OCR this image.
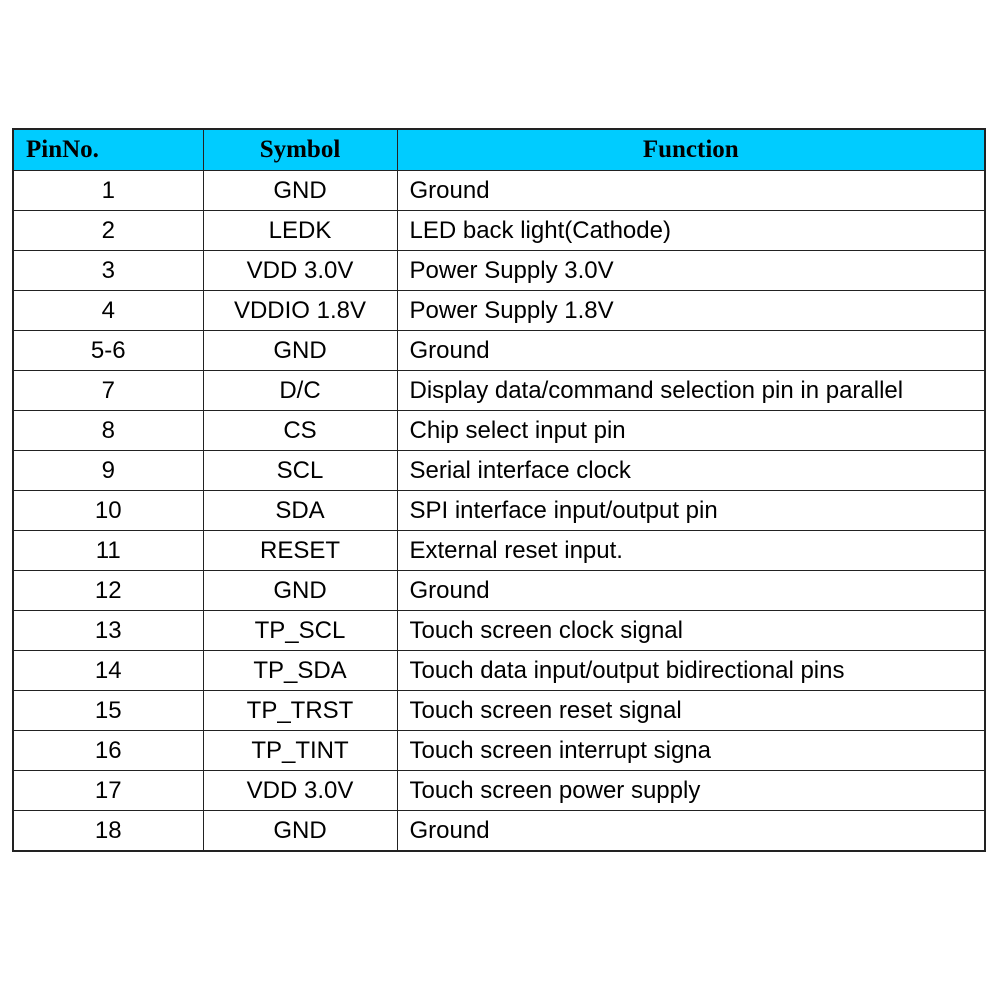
PinNo.	Symbol	Function
1	GND	Ground
2	LEDK	LED back light(Cathode)
3	VDD 3.0V	Power Supply 3.0V
4	VDDIO 1.8V	Power Supply 1.8V
5-6	GND	Ground
7	D/C	Display data/command selection pin in parallel
8	CS	Chip select input pin
9	SCL	Serial interface clock
10	SDA	SPI interface input/output pin
11	RESET	External reset input.
12	GND	Ground
13	TP_SCL	Touch screen clock signal
14	TP_SDA	Touch data input/output bidirectional pins
15	TP_TRST	Touch screen reset signal
16	TP_TINT	Touch screen interrupt signa
17	VDD 3.0V	Touch screen power supply
18	GND	Ground
